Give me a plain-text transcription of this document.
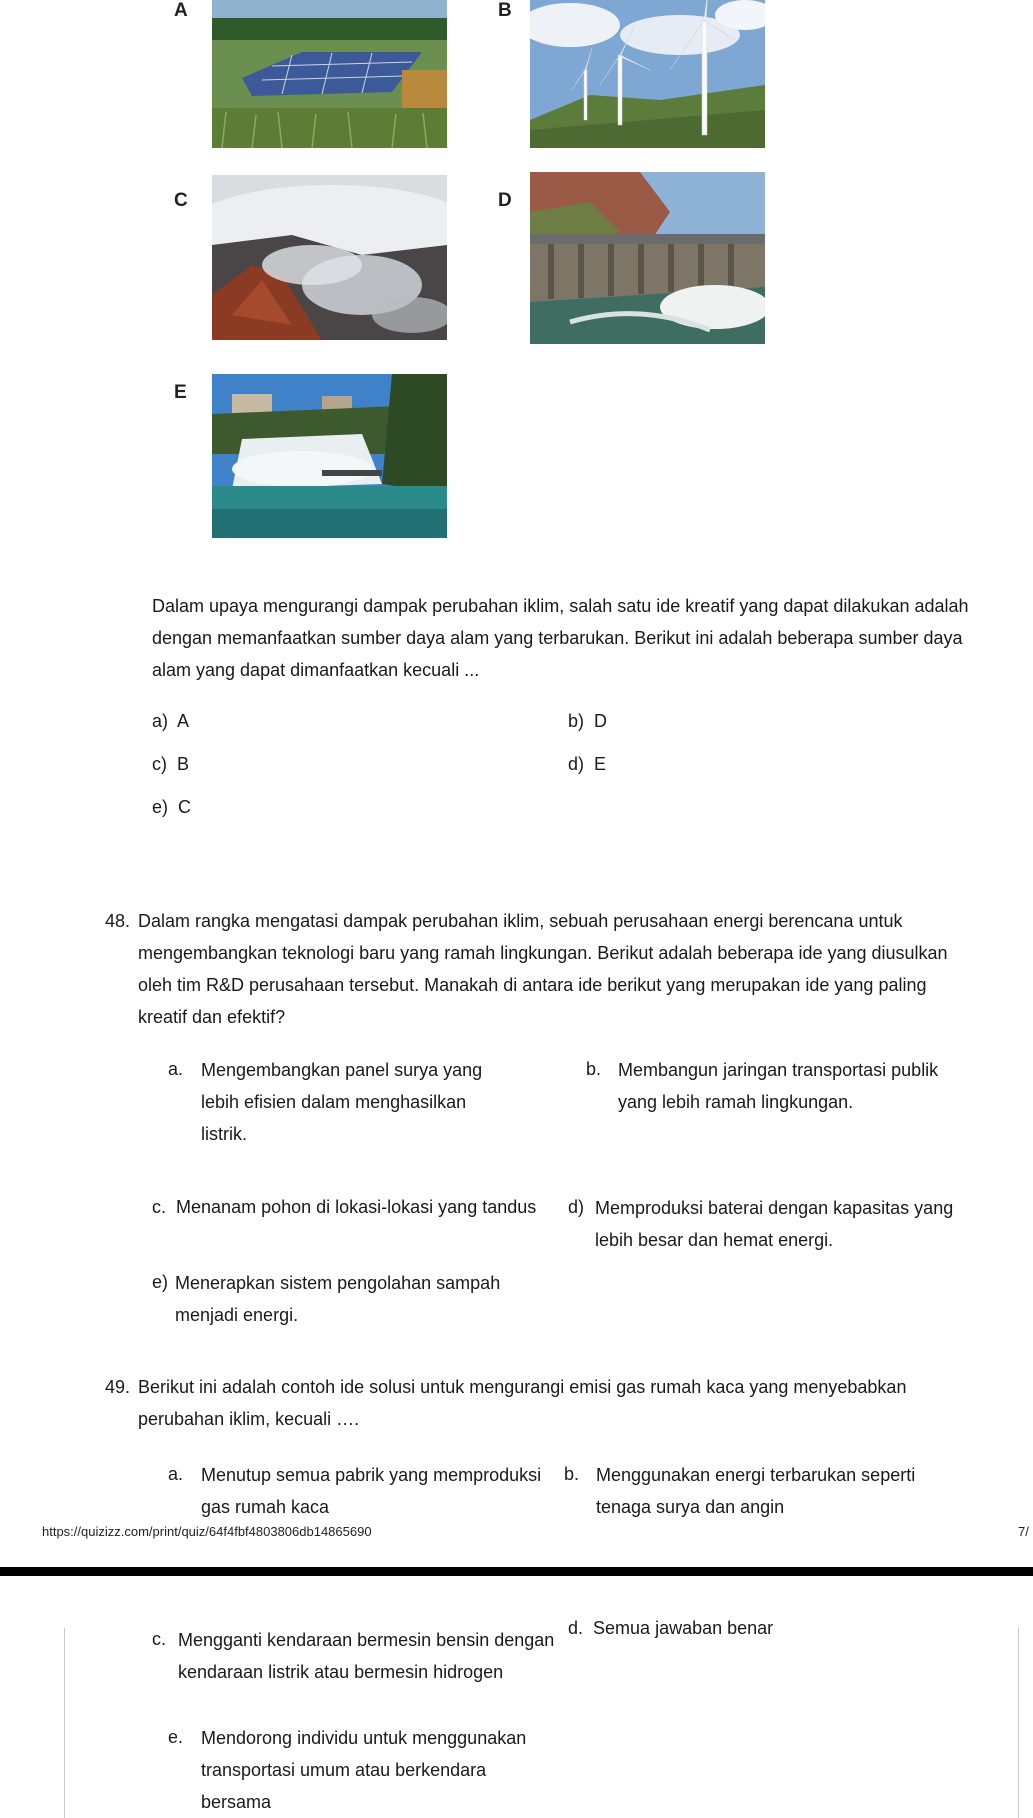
A	B
C	D
E
Dalam upaya mengurangi dampak perubahan iklim, salah satu ide kreatif yang dapat dilakukan adalah dengan memanfaatkan sumber daya alam yang terbarukan. Berikut ini adalah beberapa sumber daya alam yang dapat dimanfaatkan kecuali ...
a) A	b) D
c) B	d) E
e) C
48. Dalam rangka mengatasi dampak perubahan iklim, sebuah perusahaan energi berencana untuk mengembangkan teknologi baru yang ramah lingkungan. Berikut adalah beberapa ide yang diusulkan oleh tim R&D perusahaan tersebut. Manakah di antara ide berikut yang merupakan ide yang paling kreatif dan efektif?
a. Mengembangkan panel surya yang lebih efisien dalam menghasilkan listrik.
b. Membangun jaringan transportasi publik yang lebih ramah lingkungan.
c. Menanam pohon di lokasi-lokasi yang tandus	d) Memproduksi baterai dengan kapasitas yang lebih besar dan hemat energi.
e) Menerapkan sistem pengolahan sampah menjadi energi.
49. Berikut ini adalah contoh ide solusi untuk mengurangi emisi gas rumah kaca yang menyebabkan perubahan iklim, kecuali ….
a. Menutup semua pabrik yang memproduksi gas rumah kaca
b. Menggunakan energi terbarukan seperti tenaga surya dan angin
https://quizizz.com/print/quiz/64f4fbf4803806db14865690	7/
c. Mengganti kendaraan bermesin bensin dengan kendaraan listrik atau bermesin hidrogen
d. Semua jawaban benar
e. Mendorong individu untuk menggunakan transportasi umum atau berkendara bersama
